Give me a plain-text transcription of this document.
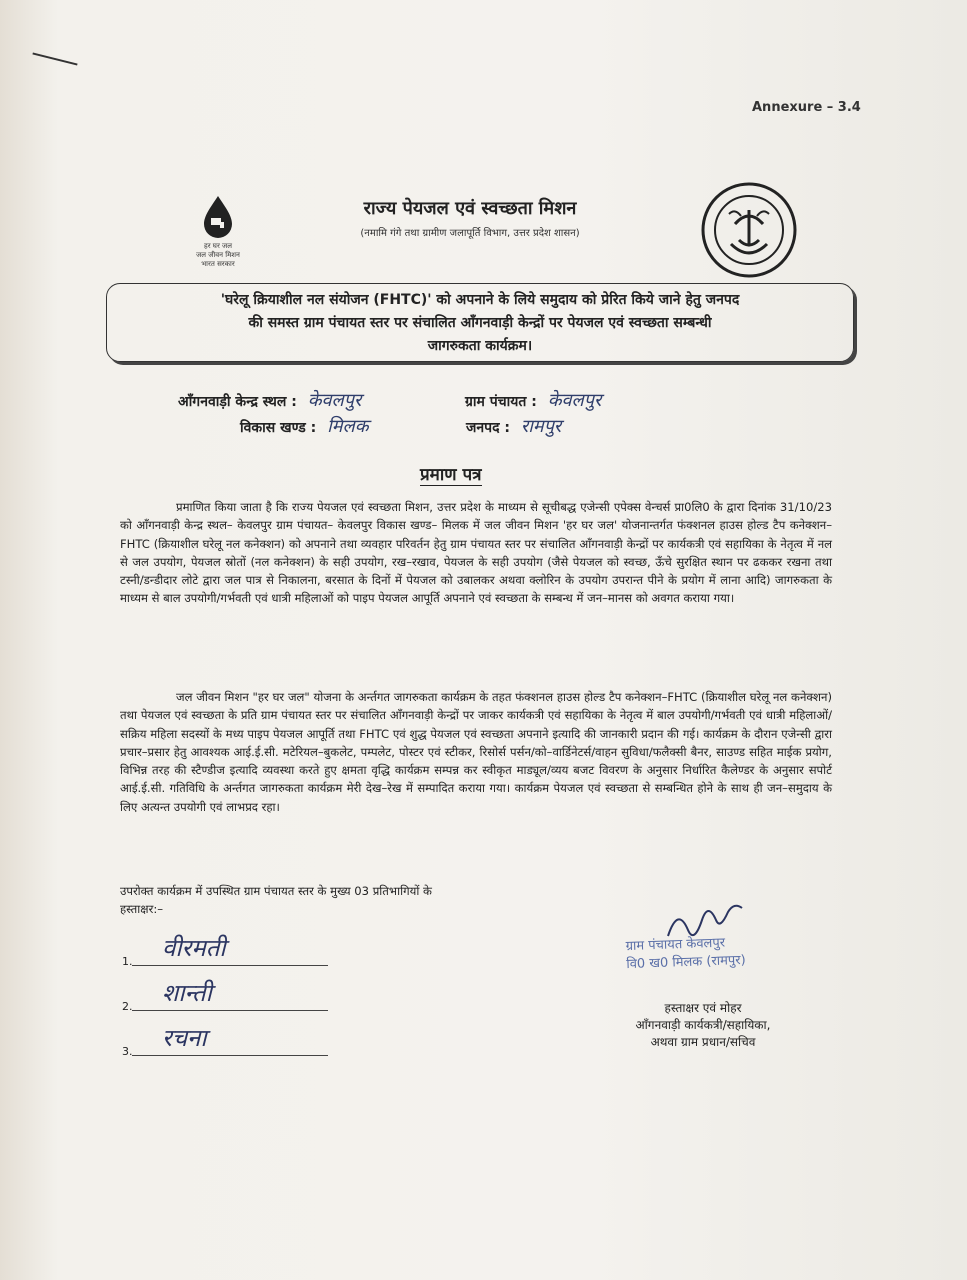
Annexure – 3.4
हर घर जल
जल जीवन मिशन
भारत सरकार
राज्य पेयजल एवं स्वच्छता मिशन
(नमामि गंगे तथा ग्रामीण जलापूर्ति विभाग, उत्तर प्रदेश शासन)
'घरेलू क्रियाशील नल संयोजन (FHTC)' को अपनाने के लिये समुदाय को प्रेरित किये जाने हेतु जनपद
की समस्त ग्राम पंचायत स्तर पर संचालित आँगनवाड़ी केन्द्रों पर पेयजल एवं स्वच्छता सम्बन्धी
जागरुकता कार्यक्रम।
आँगनवाड़ी केन्द्र स्थल : केवलपुर	ग्राम पंचायत : केवलपुर
विकास खण्ड : मिलक	जनपद : रामपुर
प्रमाण पत्र
प्रमाणित किया जाता है कि राज्य पेयजल एवं स्वच्छता मिशन, उत्तर प्रदेश के माध्यम से सूचीबद्ध एजेन्सी एपेक्स वेन्चर्स प्रा0लि0 के द्वारा दिनांक 31/10/23 को आँगनवाड़ी केन्द्र स्थल– केवलपुर ग्राम पंचायत– केवलपुर विकास खण्ड– मिलक में जल जीवन मिशन 'हर घर जल' योजनान्तर्गत फंक्शनल हाउस होल्ड टैप कनेक्शन–FHTC (क्रियाशील घरेलू नल कनेक्शन) को अपनाने तथा व्यवहार परिवर्तन हेतु ग्राम पंचायत स्तर पर संचालित आँगनवाड़ी केन्द्रों पर कार्यकत्री एवं सहायिका के नेतृत्व में नल से जल उपयोग, पेयजल स्रोतों (नल कनेक्शन) के सही उपयोग, रख–रखाव, पेयजल के सही उपयोग (जैसे पेयजल को स्वच्छ, ऊँचे सुरक्षित स्थान पर ढककर रखना तथा टस्नी/डन्डीदार लोटे द्वारा जल पात्र से निकालना, बरसात के दिनों में पेयजल को उबालकर अथवा क्लोरिन के उपयोग उपरान्त पीने के प्रयोग में लाना आदि) जागरुकता के माध्यम से बाल उपयोगी/गर्भवती एवं धात्री महिलाओं को पाइप पेयजल आपूर्ति अपनाने एवं स्वच्छता के सम्बन्ध में जन–मानस को अवगत कराया गया।
जल जीवन मिशन "हर घर जल" योजना के अर्न्तगत जागरुकता कार्यक्रम के तहत फंक्शनल हाउस होल्ड टैप कनेक्शन–FHTC (क्रियाशील घरेलू नल कनेक्शन) तथा पेयजल एवं स्वच्छता के प्रति ग्राम पंचायत स्तर पर संचालित आँगनवाड़ी केन्द्रों पर जाकर कार्यकत्री एवं सहायिका के नेतृत्व में बाल उपयोगी/गर्भवती एवं धात्री महिलाओं/सक्रिय महिला सदस्यों के मध्य पाइप पेयजल आपूर्ति तथा FHTC एवं शुद्ध पेयजल एवं स्वच्छता अपनाने इत्यादि की जानकारी प्रदान की गई। कार्यक्रम के दौरान एजेन्सी द्वारा प्रचार–प्रसार हेतु आवश्यक आई.ई.सी. मटेरियल–बुकलेट, पम्पलेट, पोस्टर एवं स्टीकर, रिसोर्स पर्सन/को–वार्डिनेटर्स/वाहन सुविधा/फलैक्सी बैनर, साउण्ड सहित माईक प्रयोग, विभिन्न तरह की स्टैण्डीज इत्यादि व्यवस्था करते हुए क्षमता वृद्धि कार्यक्रम सम्पन्न कर स्वीकृत माड्यूल/व्यय बजट विवरण के अनुसार निर्धारित कैलेण्डर के अनुसार सपोर्ट आई.ई.सी. गतिविधि के अर्न्तगत जागरुकता कार्यक्रम मेरी देख–रेख में सम्पादित कराया गया। कार्यक्रम पेयजल एवं स्वच्छता से सम्बन्धित होने के साथ ही जन–समुदाय के लिए अत्यन्त उपयोगी एवं लाभप्रद रहा।
उपरोक्त कार्यक्रम में उपस्थित ग्राम पंचायत स्तर के मुख्य 03 प्रतिभागियों के
हस्ताक्षर:–
1. वीरमती
2. शान्ती
3. रचना
ग्राम पंचायत केवलपुर
वि0 ख0 मिलक (रामपुर)
हस्ताक्षर एवं मोहर
आँगनवाड़ी कार्यकत्री/सहायिका,
अथवा ग्राम प्रधान/सचिव
